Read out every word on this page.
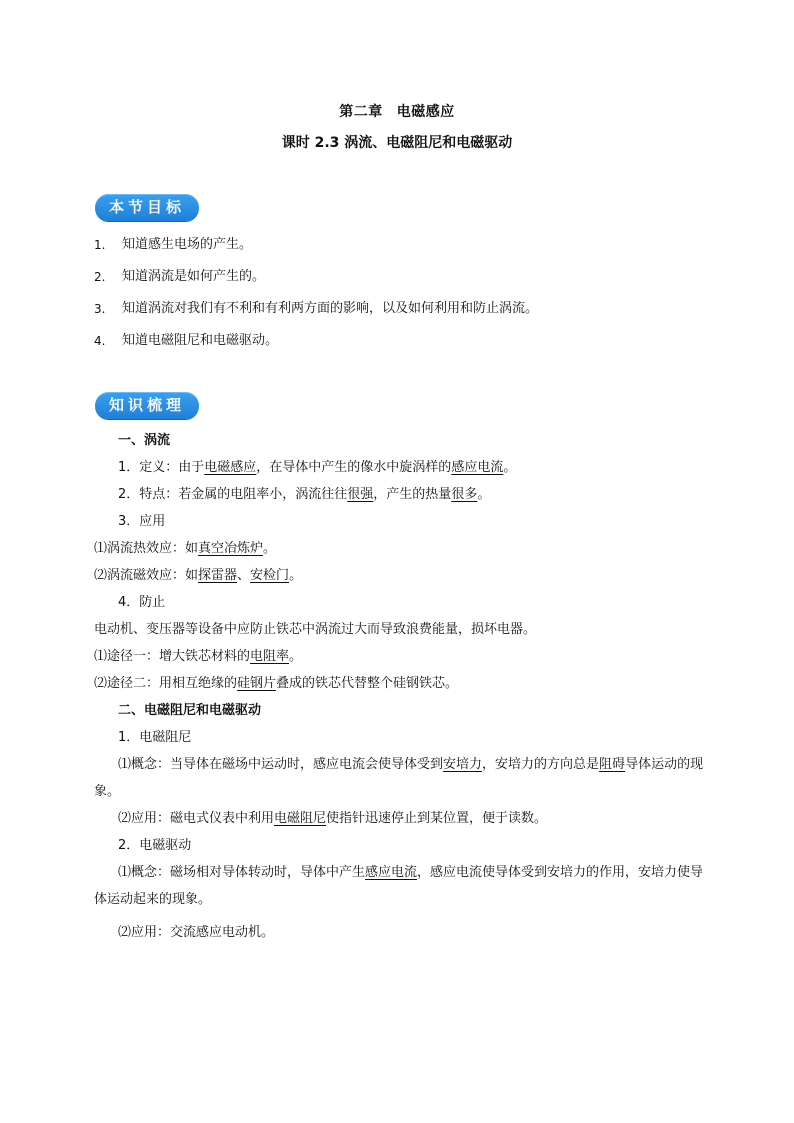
第二章 电磁感应
课时 2.3 涡流、电磁阻尼和电磁驱动
本节目标
1.	知道感生电场的产生。
2.	知道涡流是如何产生的。
3.	知道涡流对我们有不利和有利两方面的影响，以及如何利用和防止涡流。
4.	知道电磁阻尼和电磁驱动。
知识梳理
一、涡流
1．定义：由于电磁感应，在导体中产生的像水中旋涡样的感应电流。
2．特点：若金属的电阻率小，涡流往往很强，产生的热量很多。
3．应用
⑴涡流热效应：如真空冶炼炉。
⑵涡流磁效应：如探雷器、安检门。
4．防止
电动机、变压器等设备中应防止铁芯中涡流过大而导致浪费能量，损坏电器。
⑴途径一：增大铁芯材料的电阻率。
⑵途径二：用相互绝缘的硅钢片叠成的铁芯代替整个硅钢铁芯。
二、电磁阻尼和电磁驱动
1．电磁阻尼
⑴概念：当导体在磁场中运动时，感应电流会使导体受到安培力，安培力的方向总是阻碍导体运动的现象。
⑵应用：磁电式仪表中利用电磁阻尼使指针迅速停止到某位置，便于读数。
2．电磁驱动
⑴概念：磁场相对导体转动时，导体中产生感应电流，感应电流使导体受到安培力的作用，安培力使导体运动起来的现象。
⑵应用：交流感应电动机。
